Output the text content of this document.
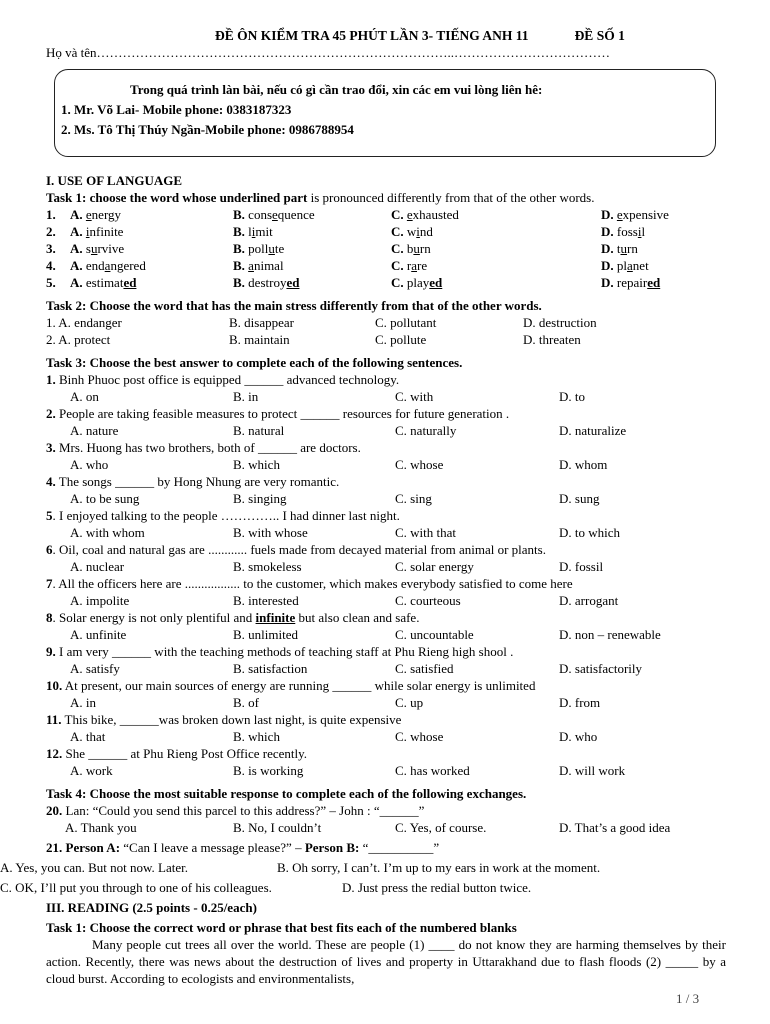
ĐỀ ÔN KIỂM TRA 45 PHÚT LẦN 3- TIẾNG ANH 11	ĐỀ SỐ 1
Họ và tên………………………………………………………………………..………………………………
Trong quá trình làn bài, nếu có gì cần trao đổi, xin các em vui lòng liên hê:
1. Mr. Võ Lai- Mobile phone: 0383187323
2. Ms. Tô Thị Thúy Ngần-Mobile phone: 0986788954
I. USE OF LANGUAGE
Task 1: choose the word whose underlined part is pronounced differently from that of the other words.
1. A. energy	B. consequence	C. exhausted	D. expensive
2. A. infinite	B. limit	C. wind	D. fossil
3. A. survive	B. pollute	C. burn	D. turn
4. A. endangered	B. animal	C. rare	D. planet
5. A. estimated	B. destroyed	C. played	D. repaired
Task 2: Choose the word that has the main stress differently from that of the other words.
1. A. endanger	B. disappear	C. pollutant	D. destruction
2. A. protect	B. maintain	C. pollute	D. threaten
Task 3: Choose the best answer to complete each of the following sentences.
1. Binh Phuoc post office is equipped ______ advanced technology.
A. on	B. in	C. with	D. to
2. People are taking feasible measures to protect ______ resources for future generation .
A. nature	B. natural	C. naturally	D. naturalize
3. Mrs. Huong has two brothers, both of ______ are doctors.
A. who	B. which	C. whose	D. whom
4. The songs ______ by Hong Nhung are very romantic.
A. to be sung	B. singing	C. sing	D. sung
5. I enjoyed talking to the people ………….. I had dinner last night.
A. with whom	B. with whose	C. with that	D. to which
6. Oil, coal and natural gas are ............ fuels made from decayed material from animal or plants.
A. nuclear	B. smokeless	C. solar energy	D. fossil
7. All the officers here are ................. to the customer, which makes everybody satisfied to come here
A. impolite	B. interested	C. courteous	D. arrogant
8. Solar energy is not only plentiful and infinite but also clean and safe.
A. unfinite	B. unlimited	C. uncountable	D. non – renewable
9. I am very ______ with the teaching methods of teaching staff at Phu Rieng high shool .
A. satisfy	B. satisfaction	C. satisfied	D. satisfactorily
10. At present, our main sources of energy are running ______ while solar energy is unlimited
A. in	B. of	C. up	D. from
11. This bike, ______was broken down last night, is quite expensive
A. that	B. which	C. whose	D. who
12. She ______ at Phu Rieng Post Office recently.
A. work	B. is working	C. has worked	D. will work
Task 4: Choose the most suitable response to complete each of the following exchanges.
20. Lan: “Could you send this parcel to this address?” – John : “______”
A. Thank you	B. No, I couldn’t	C. Yes, of course.	D. That’s a good idea
21. Person A: “Can I leave a message please?” – Person B: “__________”
A. Yes, you can. But not now. Later.	B. Oh sorry, I can’t. I’m up to my ears in work at the moment.
C. OK, I’ll put you through to one of his colleagues.	D. Just press the redial button twice.
III. READING (2.5 points - 0.25/each)
Task 1: Choose the correct word or phrase that best fits each of the numbered blanks
Many people cut trees all over the world. These are people (1) ____ do not know they are harming themselves by their action. Recently, there was news about the destruction of lives and property in Uttarakhand due to flash floods (2) _____ by a cloud burst. According to ecologists and environmentalists,
1 / 3
